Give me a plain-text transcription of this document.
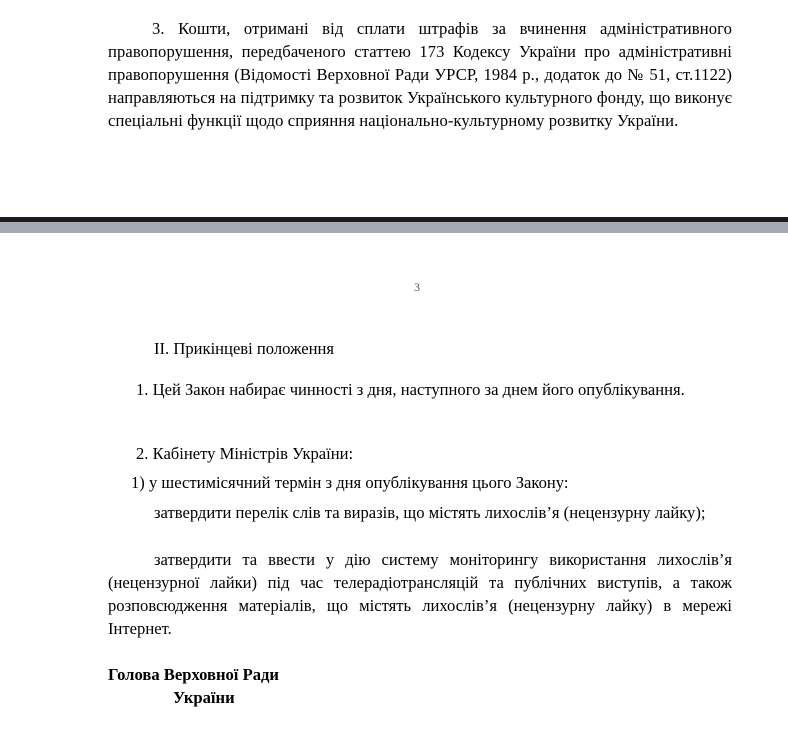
3. Кошти, отримані від сплати штрафів за вчинення адміністративного правопорушення, передбаченого статтею 173 Кодексу України про адміністративні правопорушення (Відомості Верховної Ради УРСР, 1984 р., додаток до № 51, ст.1122) направляються на підтримку та розвиток Українського культурного фонду, що виконує спеціальні функції щодо сприяння національно-культурному розвитку України.

3

ІІ. Прикінцеві положення

1. Цей Закон набирає чинності з дня, наступного за днем його опублікування.

2. Кабінету Міністрів України:

1) у шестимісячний термін з дня опублікування цього Закону:

затвердити перелік слів та виразів, що містять лихослів’я (нецензурну лайку);

затвердити та ввести у дію систему моніторингу використання лихослів’я (нецензурної лайки) під час телерадіотрансляцій та публічних виступів, а також розповсюдження матеріалів, що містять лихослів’я (нецензурну лайку) в мережі Інтернет.

Голова Верховної Ради
України
